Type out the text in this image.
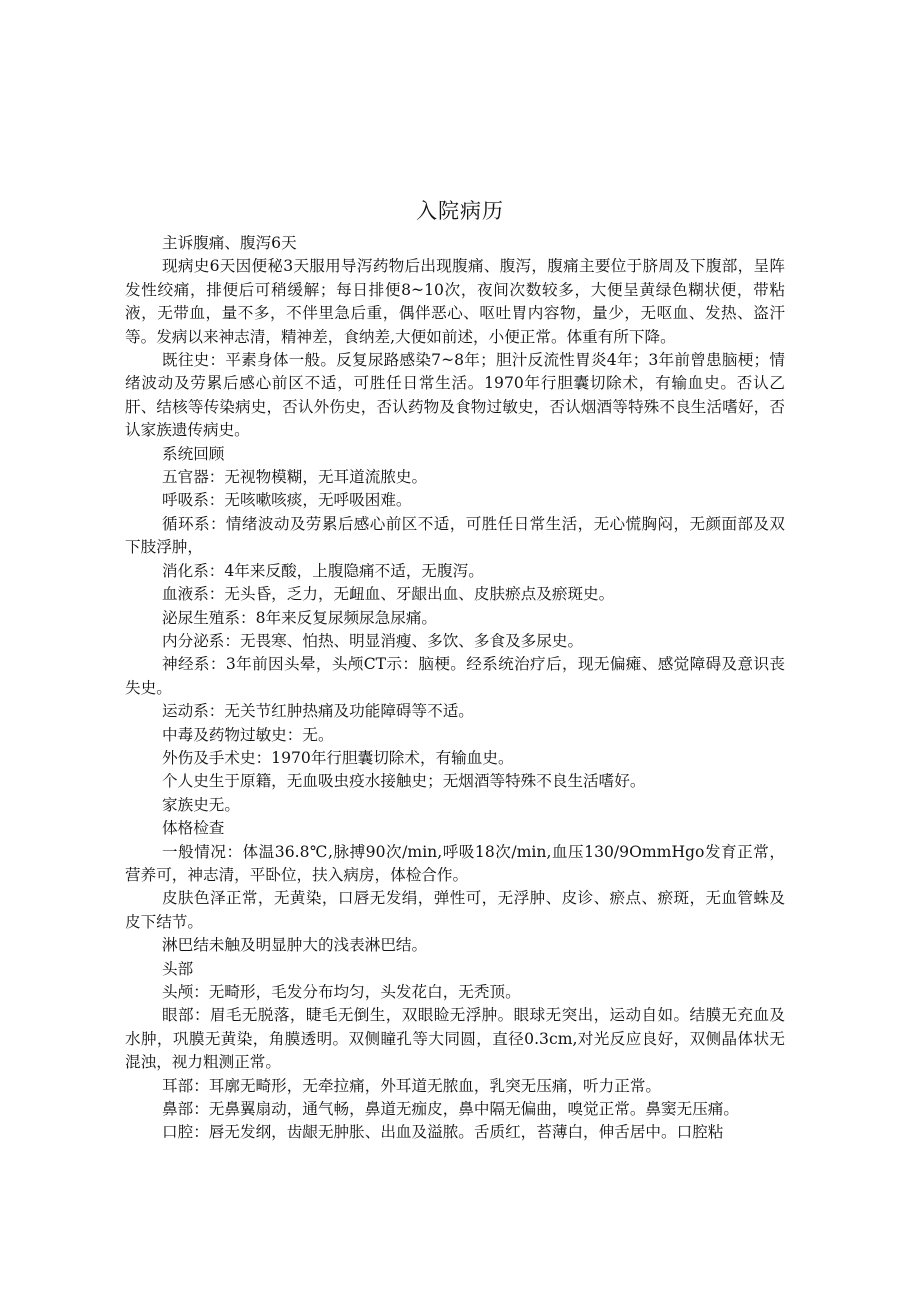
入院病历

主诉腹痛、腹泻6天

现病史6天因便秘3天服用导泻药物后出现腹痛、腹泻，腹痛主要位于脐周及下腹部，呈阵发性绞痛，排便后可稍缓解；每日排便8~10次，夜间次数较多，大便呈黄绿色糊状便，带粘液，无带血，量不多，不伴里急后重，偶伴恶心、呕吐胃内容物，量少，无呕血、发热、盗汗等。发病以来神志清，精神差，食纳差,大便如前述，小便正常。体重有所下降。

既往史：平素身体一般。反复尿路感染7~8年；胆汁反流性胃炎4年；3年前曾患脑梗；情绪波动及劳累后感心前区不适，可胜任日常生活。1970年行胆囊切除术，有输血史。否认乙肝、结核等传染病史，否认外伤史，否认药物及食物过敏史，否认烟酒等特殊不良生活嗜好，否认家族遗传病史。

系统回顾

五官器：无视物模糊，无耳道流脓史。

呼吸系：无咳嗽咳痰，无呼吸困难。

循环系：情绪波动及劳累后感心前区不适，可胜任日常生活，无心慌胸闷，无颜面部及双下肢浮肿，

消化系：4年来反酸，上腹隐痛不适，无腹泻。

血液系：无头昏，乏力，无衄血、牙龈出血、皮肤瘀点及瘀斑史。

泌尿生殖系：8年来反复尿频尿急尿痛。

内分泌系：无畏寒、怕热、明显消瘦、多饮、多食及多尿史。

神经系：3年前因头晕，头颅CT示：脑梗。经系统治疗后，现无偏瘫、感觉障碍及意识丧失史。

运动系：无关节红肿热痛及功能障碍等不适。

中毒及药物过敏史：无。

外伤及手术史：1970年行胆囊切除术，有输血史。

个人史生于原籍，无血吸虫疫水接触史；无烟酒等特殊不良生活嗜好。

家族史无。

体格检查

一般情况：体温36.8℃,脉搏90次/min,呼吸18次/min,血压130/9OmmHgo发育正常，营养可，神志清，平卧位，扶入病房，体检合作。

皮肤色泽正常，无黄染，口唇无发绢，弹性可，无浮肿、皮诊、瘀点、瘀斑，无血管蛛及皮下结节。

淋巴结未触及明显肿大的浅表淋巴结。

头部

头颅：无畸形，毛发分布均匀，头发花白，无秃顶。

眼部：眉毛无脱落，睫毛无倒生，双眼睑无浮肿。眼球无突出，运动自如。结膜无充血及水肿，巩膜无黄染，角膜透明。双侧瞳孔等大同圆，直径0.3cm,对光反应良好，双侧晶体状无混浊，视力粗测正常。

耳部：耳廓无畸形，无牵拉痛，外耳道无脓血，乳突无压痛，听力正常。

鼻部：无鼻翼扇动，通气畅，鼻道无痂皮，鼻中隔无偏曲，嗅觉正常。鼻窦无压痛。

口腔：唇无发纲，齿龈无肿胀、出血及溢脓。舌质红，苔薄白，伸舌居中。口腔粘
